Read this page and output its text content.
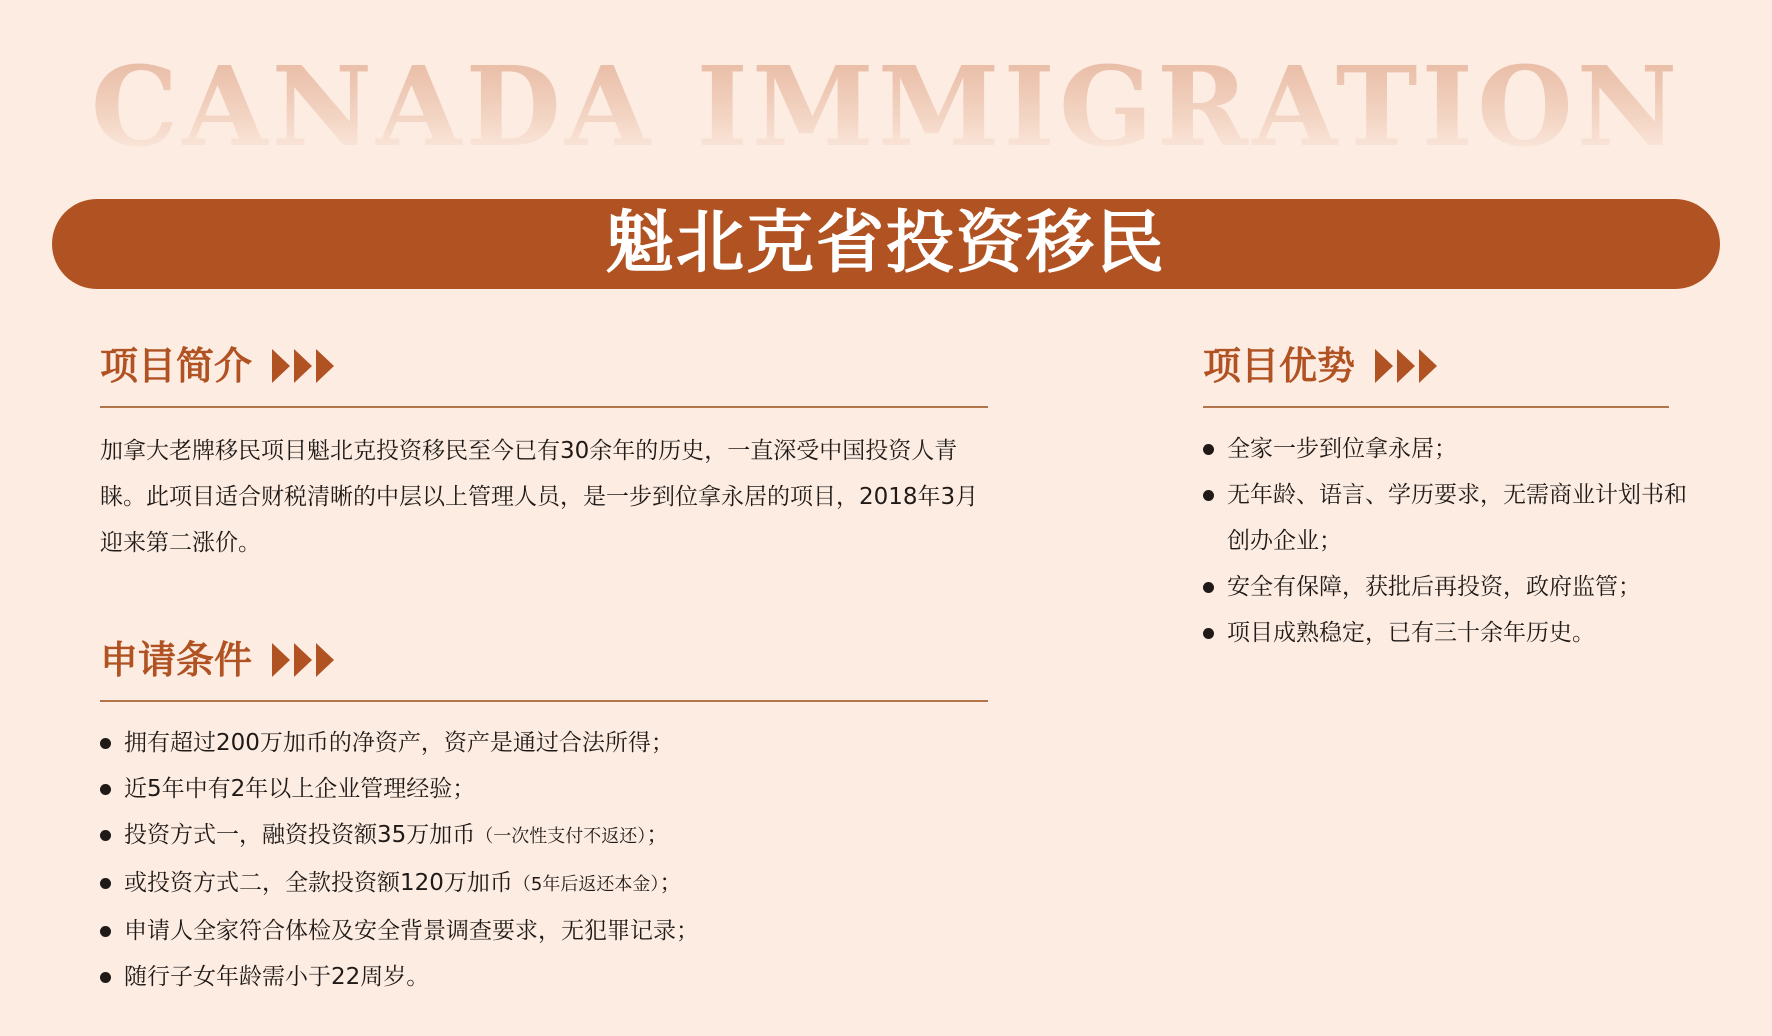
CANADA IMMIGRATION
魁北克省投资移民
项目简介

加拿大老牌移民项目魁北克投资移民至今已有30余年的历史，一直深受中国投资人青睐。此项目适合财税清晰的中层以上管理人员，是一步到位拿永居的项目，2018年3月迎来第二涨价。

申请条件
拥有超过200万加币的净资产，资产是通过合法所得；
近5年中有2年以上企业管理经验；
投资方式一，融资投资额35万加币（一次性支付不返还）；
或投资方式二，全款投资额120万加币（5年后返还本金）；
申请人全家符合体检及安全背景调查要求，无犯罪记录；
随行子女年龄需小于22周岁。
项目优势
全家一步到位拿永居；
无年龄、语言、学历要求，无需商业计划书和创办企业；
安全有保障，获批后再投资，政府监管；
项目成熟稳定，已有三十余年历史。
